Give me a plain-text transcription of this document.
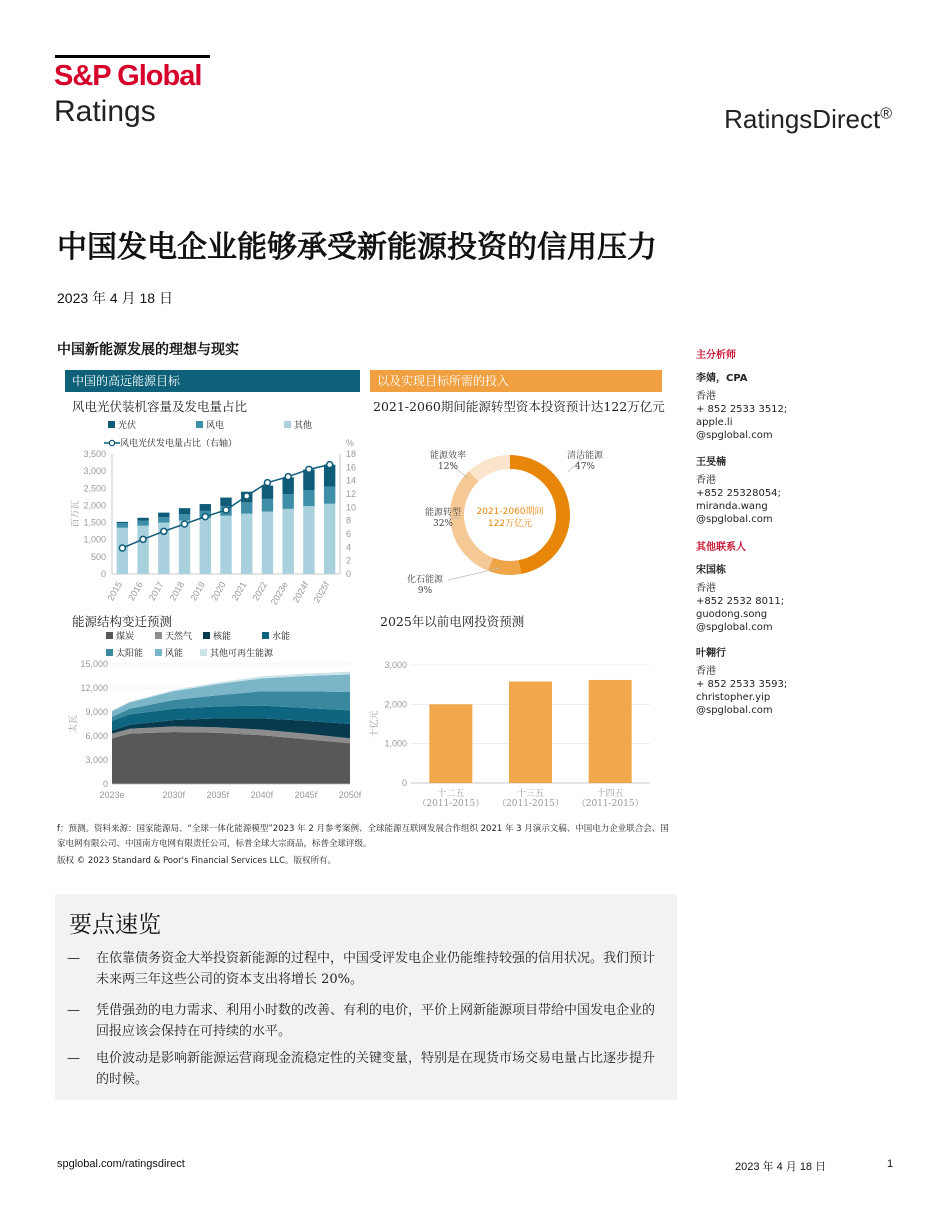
S&P Global
Ratings	RatingsDirect®
中国发电企业能够承受新能源投资的信用压力
2023 年 4 月 18 日
中国新能源发展的理想与现实
中国的高远能源目标	以及实现目标所需的投入
风电光伏装机容量及发电量占比
光伏	风电	其他
风电光伏发电量占比（右轴）
3,500
3,000
2,500
2,000
1,500
1,000
500
0
18
16
14
12
10
8
6
4
2
0
%
百万瓦
2015 2016 2017 2018 2019 2020 2021 2022 2023e 2024f 2025f
2021-2060期间能源转型资本投资预计达122万亿元
2021-2060期间
122万亿元
清洁能源
47%
化石能源
9%
能源转型
32%
能源效率
12%
能源结构变迁预测
煤炭	天然气	核能	水能
太阳能	风能	其他可再生能源
15,000
12,000
9,000
6,000
3,000
0
太瓦
2023e	2030f 2035f 2040f 2045f 2050f
2025年以前电网投资预测
3,000
2,000
1,000
0
十亿元
十二五
（2011-2015）
十三五
（2011-2015）
十四五
（2011-2015）
f：预测。资料来源：国家能源局、“全球一体化能源模型”2023 年 2 月参考案例、全球能源互联网发展合作组织 2021 年 3 月演示文稿、中国电力企业联合会、国家电网有限公司、中国南方电网有限责任公司，标普全球大宗商品，标普全球评级。
版权 © 2023 Standard & Poor's Financial Services LLC。版权所有。
要点速览
— 在依靠债务资金大举投资新能源的过程中，中国受评发电企业仍能维持较强的信用状况。我们预计未来两三年这些公司的资本支出将增长 20%。
— 凭借强劲的电力需求、利用小时数的改善、有利的电价，平价上网新能源项目带给中国发电企业的回报应该会保持在可持续的水平。
— 电价波动是影响新能源运营商现金流稳定性的关键变量，特别是在现货市场交易电量占比逐步提升的时候。
主分析师
李婧，CPA
香港
+ 852 2533 3512;
apple.li
@spglobal.com
王旻楠
香港
+852 25328054;
miranda.wang
@spglobal.com
其他联系人
宋国栋
香港
+852 2532 8011;
guodong.song
@spglobal.com
叶翱行
香港
+ 852 2533 3593;
christopher.yip
@spglobal.com
spglobal.com/ratingsdirect	2023 年 4 月 18 日	1
